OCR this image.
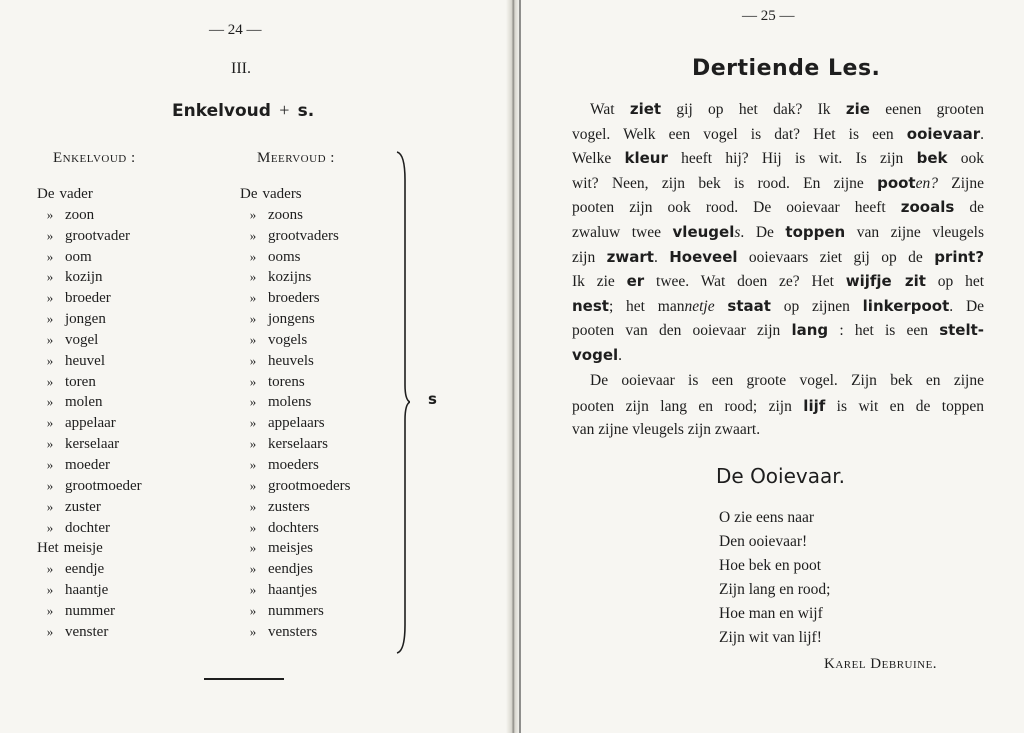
— 24 —
III.
Enkelvoud + s.
Enkelvoud :	Meervoud :
De vader
» zoon
» grootvader
» oom
» kozijn
» broeder
» jongen
» vogel
» heuvel
» toren
» molen
» appelaar
» kerselaar
» moeder
» grootmoeder
» zuster
» dochter
Het meisje
» eendje
» haantje
» nummer
» venster
De vaders
» zoons
» grootvaders
» ooms
» kozijns
» broeders
» jongens
» vogels
» heuvels
» torens
» molens
» appelaars
» kerselaars
» moeders
» grootmoeders
» zusters
» dochters
» meisjes
» eendjes
» haantjes
» nummers
» vensters
s
— 25 —
Dertiende Les.
Wat ziet gij op het dak? Ik zie eenen grooten
vogel. Welk een vogel is dat? Het is een ooievaar.
Welke kleur heeft hij? Hij is wit. Is zijn bek ook
wit? Neen, zijn bek is rood. En zijne pooten? Zijne
pooten zijn ook rood. De ooievaar heeft zooals de
zwaluw twee vleugels. De toppen van zijne vleugels
zijn zwart. Hoeveel ooievaars ziet gij op de print?
Ik zie er twee. Wat doen ze? Het wijfje zit op het
nest; het mannetje staat op zijnen linkerpoot. De
pooten van den ooievaar zijn lang : het is een stelt-
vogel.
De ooievaar is een groote vogel. Zijn bek en zijne
pooten zijn lang en rood; zijn lijf is wit en de toppen
van zijne vleugels zijn zwaart.
De Ooievaar.
O zie eens naar
Den ooievaar!
Hoe bek en poot
Zijn lang en rood;
Hoe man en wijf
Zijn wit van lijf!
Karel Debruine.
